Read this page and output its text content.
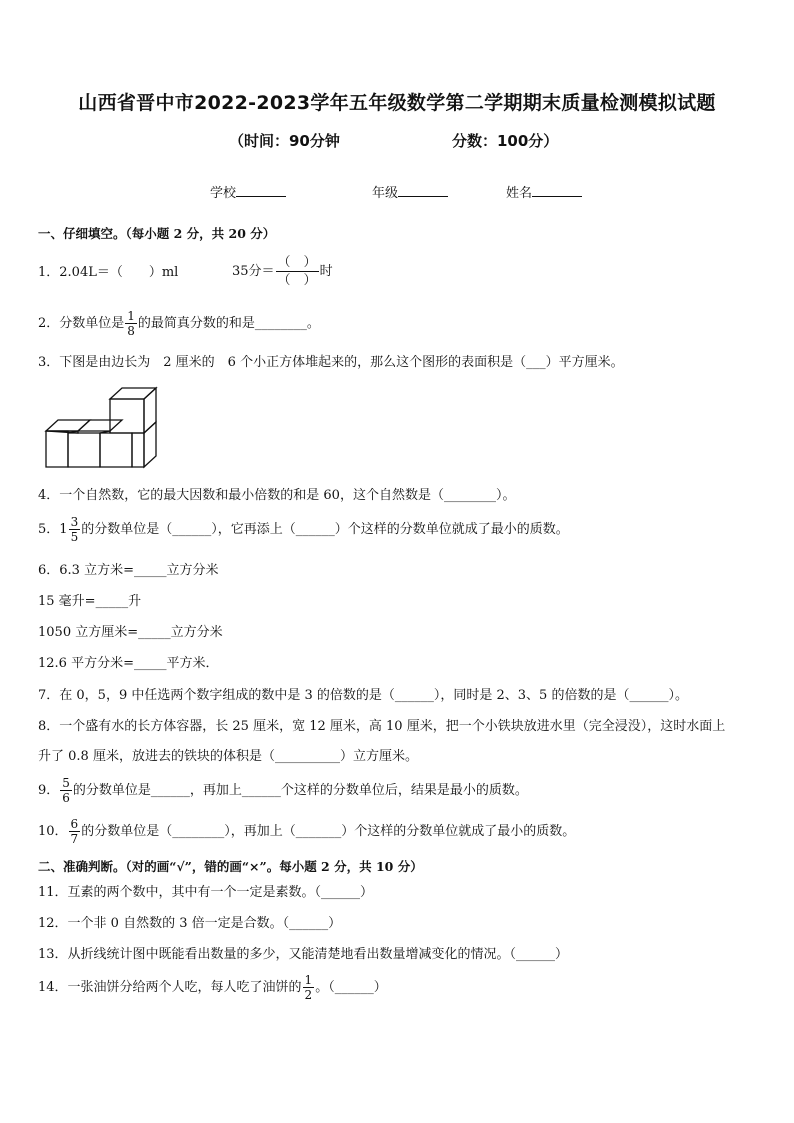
山西省晋中市2022-2023学年五年级数学第二学期期末质量检测模拟试题
（时间：90分钟	分数：100分）
学校	年级	姓名
一、仔细填空。（每小题 2 分，共 20 分）
1．2.04L＝（　　）ml	35分＝ $\frac{( )}{( )}$ 时
2．分数单位是 $\frac{1}{8}$ 的最简真分数的和是________。
3．下图是由边长为　2 厘米的　6 个小正方体堆起来的，那么这个图形的表面积是（___）平方厘米。
4．一个自然数，它的最大因数和最小倍数的和是 60，这个自然数是（________）。
5． $1 \frac{3}{5}$ 的分数单位是（______），它再添上（______）个这样的分数单位就成了最小的质数。
6．6.3 立方米=_____立方分米
15 毫升=_____升
1050 立方厘米=_____立方分米
12.6 平方分米=_____平方米．
7．在 0，5，9 中任选两个数字组成的数中是 3 的倍数的是（______），同时是 2、3、5 的倍数的是（______）。
8．一个盛有水的长方体容器，长 25 厘米，宽 12 厘米，高 10 厘米，把一个小铁块放进水里（完全浸没），这时水面上
升了 0.8 厘米，放进去的铁块的体积是（__________）立方厘米。
9． $\frac{5}{6}$ 的分数单位是______，再加上______个这样的分数单位后，结果是最小的质数。
10． $\frac{6}{7}$ 的分数单位是（________），再加上（_______）个这样的分数单位就成了最小的质数。
二、准确判断。（对的画“√”，错的画“×”。每小题 2 分，共 10 分）
11．互素的两个数中，其中有一个一定是素数。（______）
12．一个非 0 自然数的 3 倍一定是合数。（______）
13．从折线统计图中既能看出数量的多少，又能清楚地看出数量增减变化的情况。（______）
14．一张油饼分给两个人吃，每人吃了油饼的 $\frac{1}{2}$ 。（______）
